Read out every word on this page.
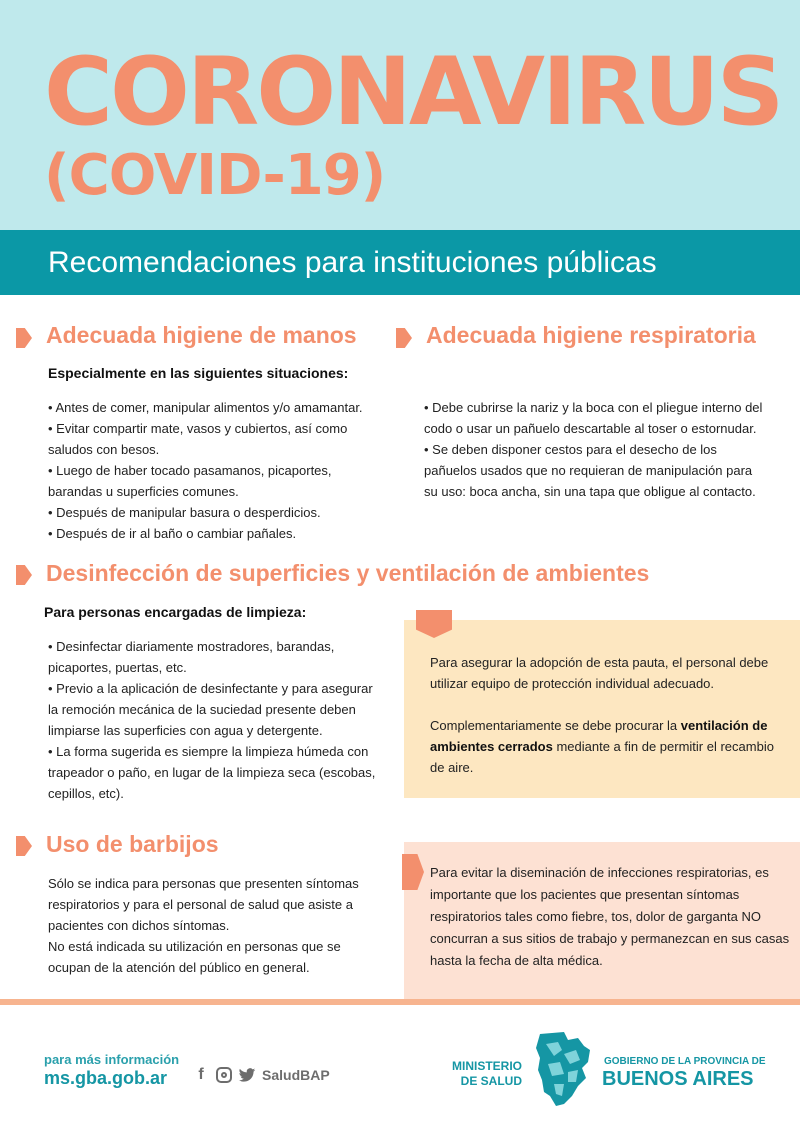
CORONAVIRUS
(COVID-19)
Recomendaciones para instituciones públicas
Adecuada higiene de manos
Especialmente en las siguientes situaciones:
• Antes de comer, manipular alimentos y/o amamantar.
• Evitar compartir mate, vasos y cubiertos, así como saludos con besos.
• Luego de haber tocado pasamanos, picaportes, barandas u superficies comunes.
• Después de manipular basura o desperdicios.
• Después de ir al baño o cambiar pañales.
Adecuada higiene respiratoria
• Debe cubrirse la nariz y la boca con el pliegue interno del codo o usar un pañuelo descartable al toser o estornudar.
• Se deben disponer cestos para el desecho de los pañuelos usados que no requieran de manipulación para su uso: boca ancha, sin una tapa que obligue al contacto.
Desinfección de superficies y ventilación de ambientes
Para personas encargadas de limpieza:
• Desinfectar diariamente mostradores, barandas, picaportes, puertas, etc.
• Previo a la aplicación de desinfectante y para asegurar la remoción mecánica de la suciedad presente deben limpiarse las superficies con agua y detergente.
• La forma sugerida es siempre la limpieza húmeda con trapeador o paño, en lugar de la limpieza seca (escobas, cepillos, etc).

Para asegurar la adopción de esta pauta, el personal debe utilizar equipo de protección individual adecuado.

Complementariamente se debe procurar la ventilación de ambientes cerrados mediante a fin de permitir el recambio de aire.

Uso de barbijos
Sólo se indica para personas que presenten síntomas respiratorios y para el personal de salud que asiste a pacientes con dichos síntomas.
No está indicada su utilización en personas que se ocupan de la atención del público en general.
Para evitar la diseminación de infecciones respiratorias, es importante que los pacientes que presentan síntomas respiratorios tales como fiebre, tos, dolor de garganta NO concurran a sus sitios de trabajo y permanezcan en sus casas hasta la fecha de alta médica.
para más información
ms.gba.gob.ar	f	SaludBAP
MINISTERIO
DE SALUD
GOBIERNO DE LA PROVINCIA DE
BUENOS AIRES
